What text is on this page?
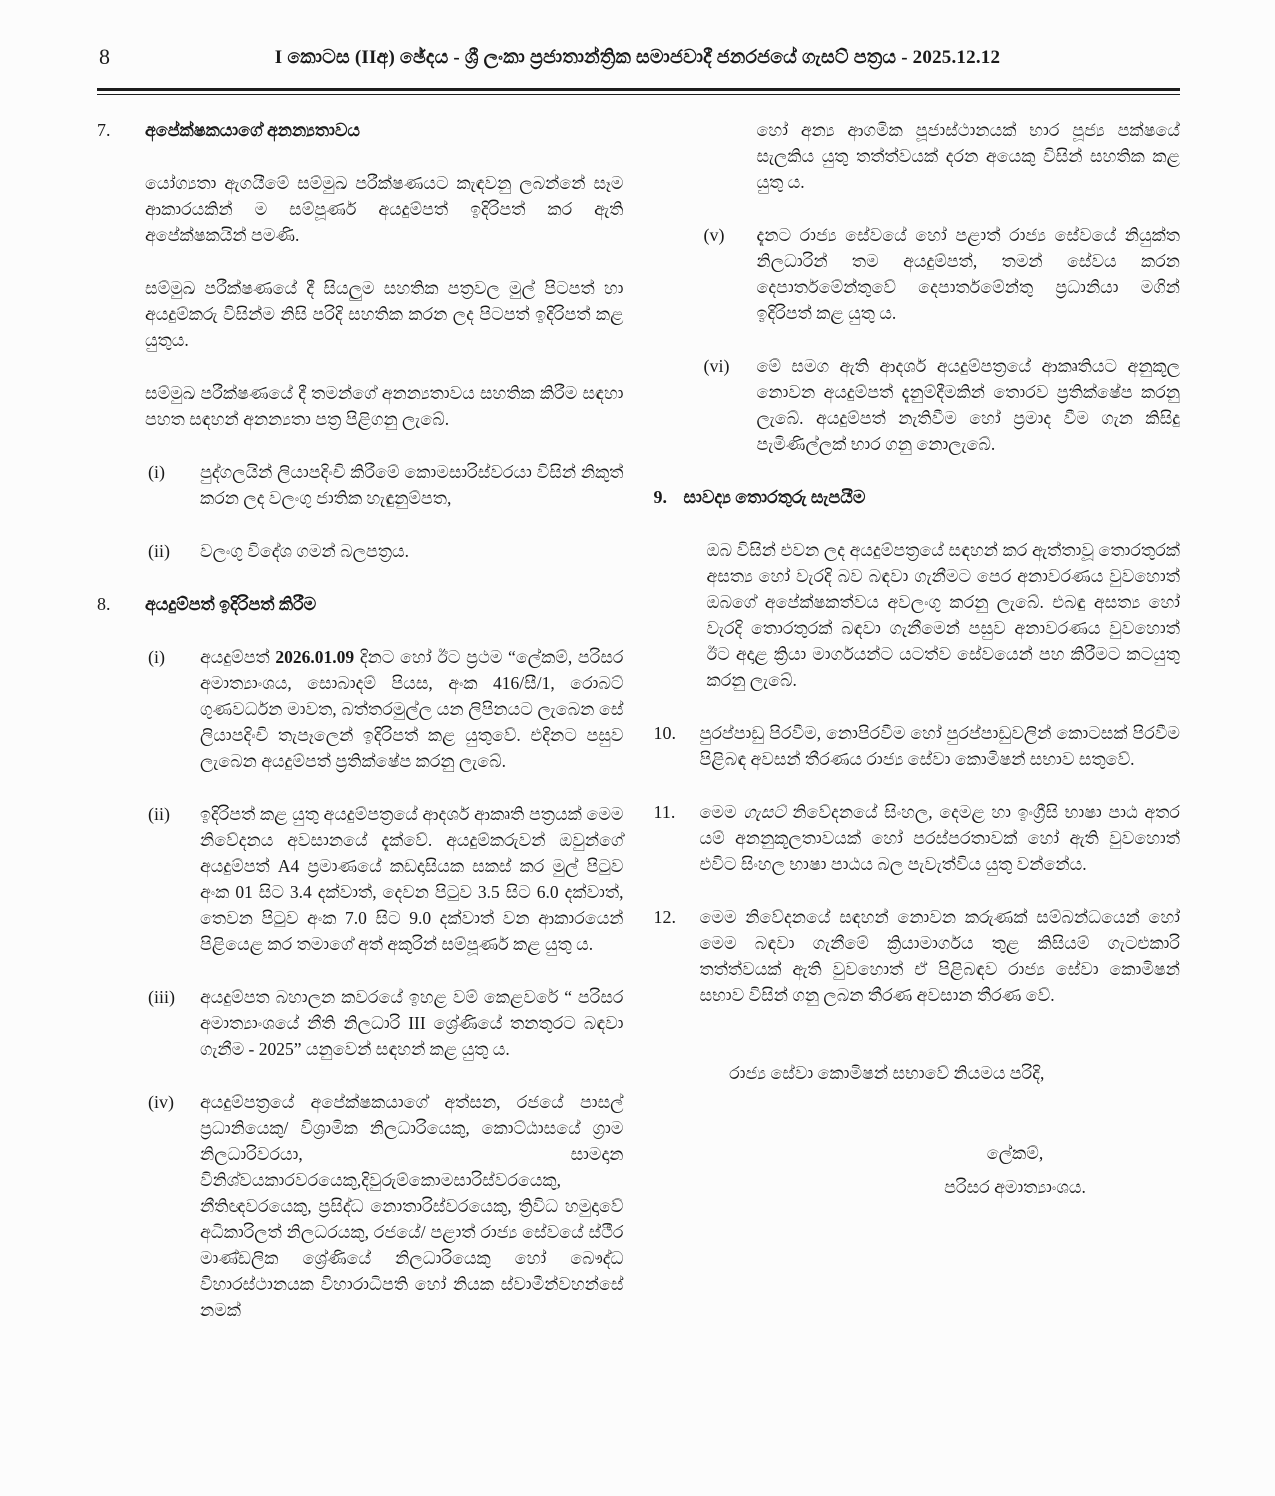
8	I කොටස (IIඅ) ඡේදය - ශ්‍රී ලංකා ප්‍රජාතාන්ත්‍රික සමාජවාදී ජනරජයේ ගැසට් පත්‍රය - 2025.12.12
7.	අපේක්ෂකයාගේ අනන්‍යතාවය

යෝග්‍යතා ඇගයීමේ සම්මුඛ පරීක්ෂණයට කැඳවනු ලබන්නේ සෑම ආකාරයකින් ම සම්පූර්ණ අයදුම්පත් ඉදිරිපත් කර ඇති අපේක්ෂකයින් පමණි.

සම්මුඛ පරීක්ෂණයේ දී සියලුම සහතික පත්‍රවල මුල් පිටපත් හා අයදුම්කරු විසින්ම නිසි පරිදි සහතික කරන ලද පිටපත් ඉදිරිපත් කළ යුතුය.

සම්මුඛ පරීක්ෂණයේ දී තමන්ගේ අනන්‍යතාවය සහතික කිරීම සඳහා පහත සඳහන් අනන්‍යතා පත්‍ර පිළිගනු ලැබේ.

(i)	පුද්ගලයින් ලියාපදිංචි කිරීමේ කොමසාරිස්වරයා විසින් නිකුත් කරන ලද වලංගු ජාතික හැඳුනුම්පත,

(ii)	වලංගු විදේශ ගමන් බලපත්‍රය.

8.	අයදුම්පත් ඉදිරිපත් කිරීම
(i)	අයදුම්පත් 2026.01.09 දිනට හෝ ඊට ප්‍රථම “ලේකම්, පරිසර අමාත්‍යාංශය, සොබාදම් පියස, අංක 416/සී/1, රොබට් ගුණවර්ධන මාවත, බත්තරමුල්ල යන ලිපිනයට ලැබෙන සේ ලියාපදිංචි තැපෑලෙන් ඉදිරිපත් කළ යුතුවේ. එදිනට පසුව ලැබෙන අයදුම්පත් ප්‍රතික්ෂේප කරනු ලැබේ.

(ii)	ඉදිරිපත් කළ යුතු අයදුම්පත්‍රයේ ආදර්ශ ආකෘති පත්‍රයක් මෙම නිවේදනය අවසානයේ දැක්වේ. අයදුම්කරුවන් ඔවුන්ගේ අයදුම්පත් A4 ප්‍රමාණයේ කඩදාසියක සකස් කර මුල් පිටුව අංක 01 සිට 3.4 දක්වාත්, දෙවන පිටුව 3.5 සිට 6.0 දක්වාත්, තෙවන පිටුව අංක 7.0 සිට 9.0 දක්වාත් වන ආකාරයෙන් පිළියෙළ කර තමාගේ අත් අකුරින් සම්පූර්ණ කළ යුතු ය.

(iii)	අයදුම්පත බහාලන කවරයේ ඉහළ වම් කෙළවරේ “ පරිසර අමාත්‍යාංශයේ නීති නිලධාරි III ශ්‍රේණියේ තනතුරට බඳවා ගැනීම - 2025” යනුවෙන් සඳහන් කළ යුතු ය.

(iv)	අයදුම්පත්‍රයේ අපේක්ෂකයාගේ අත්සන, රජයේ පාසල් ප්‍රධානියෙකු/ විශ්‍රාමික නිලධාරියෙකු, කොට්ඨාසයේ ග්‍රාම නිලධාරිවරයා, සාමදාන විනිශ්වයකාරවරයෙකු,දිවුරුම්කොමසාරිස්වරයෙකු, නීතිඥවරයෙකු, ප්‍රසිද්ධ නොතාරිස්වරයෙකු, ත්‍රිවිධ හමුදාවේ අධිකාරිලත් නිලධරයකු, රජයේ/ පළාත් රාජ්‍ය සේවයේ ස්ථීර මාණ්ඩලික ශ්‍රේණියේ නිලධාරියෙකු හෝ බෞද්ධ විහාරස්ථානයක විහාරාධිපති හෝ නියක ස්වාමීන්වහන්සේ නමක්

හෝ අන්‍ය ආගමික පූජාස්ථානයක් භාර පූජ්‍ය පක්ෂයේ සැලකිය යුතු තත්ත්වයක් දරන අයෙකු විසින් සහතික කළ යුතු ය.

(v)	දැනට රාජ්‍ය සේවයේ හෝ පළාත් රාජ්‍ය සේවයේ නියුක්ත නිලධාරින් තම අයදුම්පත්, තමන් සේවය කරන දෙපාර්තමේන්තුවේ දෙපාර්තමේන්තු ප්‍රධානියා මගින් ඉදිරිපත් කළ යුතු ය.

(vi)	මේ සමග ඇති ආදර්ශ අයදුම්පත්‍රයේ ආකෘතියට අනුකූල නොවන අයදුම්පත් දැනුම්දීමකින් තොරව ප්‍රතික්ෂේප කරනු ලැබේ. අයදුම්පත් නැතිවීම හෝ ප්‍රමාද වීම ගැන කිසිදු පැමිණිල්ලක් භාර ගනු නොලැබේ.

9. සාවද්‍ය තොරතුරු සැපයීම

ඔබ විසින් එවන ලද අයදුම්පත්‍රයේ සඳහන් කර ඇත්තාවූ තොරතුරක් අසත්‍ය හෝ වැරදි බව බඳවා ගැනීමට පෙර අනාවරණය වුවහොත් ඔබගේ අපේක්ෂකත්වය අවලංගු කරනු ලැබේ. එබඳු අසත්‍ය හෝ වැරදි තොරතුරක් බඳවා ගැනීමෙන් පසුව අනාවරණය වුවහොත් ඊට අදාළ ක්‍රියා මාර්ගයන්ට යටත්ව සේවයෙන් පහ කිරීමට කටයුතු කරනු ලැබේ.

10.	පුරප්පාඩු පිරවීම, නොපිරවීම හෝ පුරප්පාඩුවලින් කොටසක් පිරවීම පිළිබඳ අවසන් තීරණය රාජ්‍ය සේවා කොමිෂන් සභාව සතුවේ.

11.	මෙම ගැසට් නිවේදනයේ සිංහල, දෙමළ හා ඉංග්‍රීසි භාෂා පාඨ අතර යම් අනනුකූලතාවයක් හෝ පරස්පරතාවක් හෝ ඇති වුවහොත් එවිට සිංහල භාෂා පාඨය බල පැවැත්විය යුතු වන්නේය.

12.	මෙම නිවේදනයේ සඳහන් නොවන කරුණක් සම්බන්ධයෙන් හෝ මෙම බඳවා ගැනීමේ ක්‍රියාමාර්ගය තුළ කිසියම් ගැටළුකාරි තත්ත්වයක් ඇති වුවහොත් ඒ පිළිබඳව රාජ්‍ය සේවා කොමිෂන් සභාව විසින් ගනු ලබන තීරණ අවසාන තීරණ වේ.

රාජ්‍ය සේවා කොමිෂන් සභාවේ නියමය පරිදි,

ලේකම්,
පරිසර අමාත්‍යාංශය.
